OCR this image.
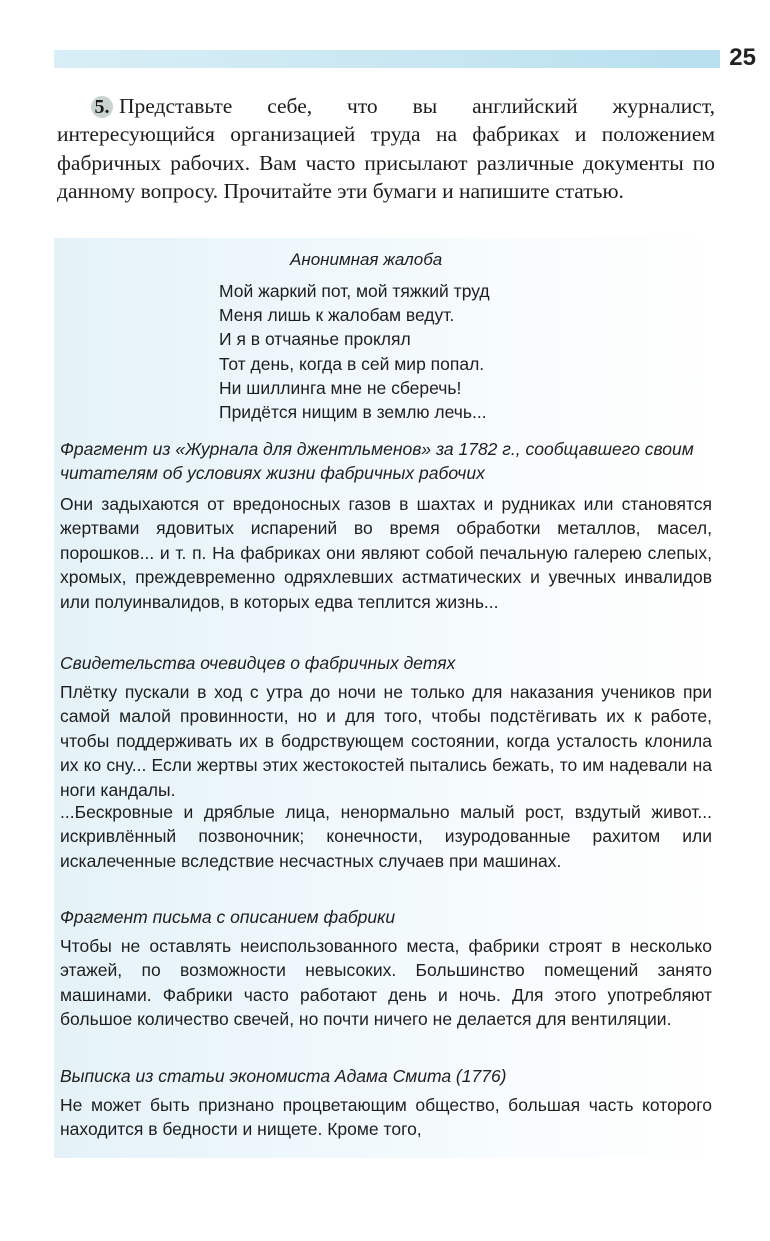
25
5. Представьте себе, что вы английский журналист, интересующийся организацией труда на фабриках и положением фабричных рабочих. Вам часто присылают различные документы по данному вопросу. Прочитайте эти бумаги и напишите статью.
Анонимная жалоба
Мой жаркий пот, мой тяжкий труд
Меня лишь к жалобам ведут.
И я в отчаянье проклял
Тот день, когда в сей мир попал.
Ни шиллинга мне не сберечь!
Придётся нищим в землю лечь...
Фрагмент из «Журнала для джентльменов» за 1782 г., сообщавшего своим читателям об условиях жизни фабричных рабочих
Они задыхаются от вредоносных газов в шахтах и рудниках или становятся жертвами ядовитых испарений во время обработки металлов, масел, порошков... и т. п. На фабриках они являют собой печальную галерею слепых, хромых, преждевременно одряхлевших астматических и увечных инвалидов или полуинвалидов, в которых едва теплится жизнь...
Свидетельства очевидцев о фабричных детях
Плётку пускали в ход с утра до ночи не только для наказания учеников при самой малой провинности, но и для того, чтобы подстёгивать их к работе, чтобы поддерживать их в бодрствующем состоянии, когда усталость клонила их ко сну... Если жертвы этих жестокостей пытались бежать, то им надевали на ноги кандалы.
...Бескровные и дряблые лица, ненормально малый рост, вздутый живот... искривлённый позвоночник; конечности, изуродованные рахитом или искалеченные вследствие несчастных случаев при машинах.
Фрагмент письма с описанием фабрики
Чтобы не оставлять неиспользованного места, фабрики строят в несколько этажей, по возможности невысоких. Большинство помещений занято машинами. Фабрики часто работают день и ночь. Для этого употребляют большое количество свечей, но почти ничего не делается для вентиляции.
Выписка из статьи экономиста Адама Смита (1776)
Не может быть признано процветающим общество, большая часть которого находится в бедности и нищете. Кроме того,
